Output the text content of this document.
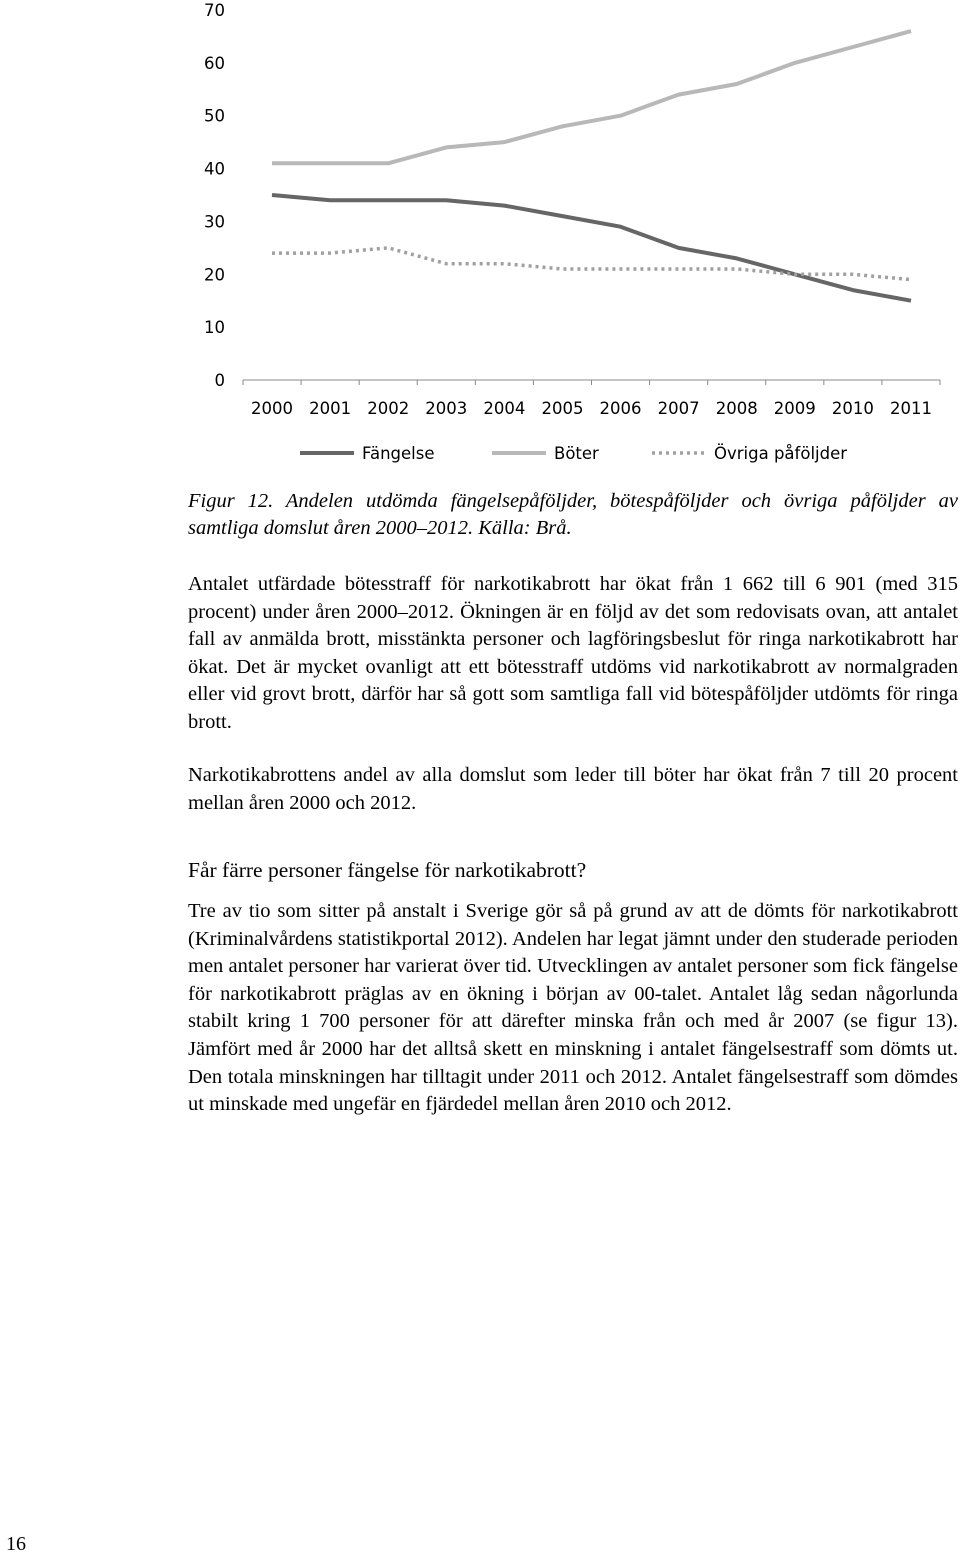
0
10
20
30
40
50
60
70
2000 2001 2002 2003 2004 2005 2006 2007 2008 2009 2010 2011
Fängelse	Böter	Övriga påföljder

Figur 12. Andelen utdömda fängelsepåföljder, bötespåföljder och övriga påföljder av samtliga domslut åren 2000–2012. Källa: Brå.

Antalet utfärdade bötesstraff för narkotikabrott har ökat från 1 662 till 6 901 (med 315 procent) under åren 2000–2012. Ökningen är en följd av det som redovisats ovan, att antalet fall av anmälda brott, misstänkta personer och lagföringsbeslut för ringa narkotikabrott har ökat. Det är mycket ovanligt att ett bötesstraff utdöms vid narkotikabrott av normalgraden eller vid grovt brott, därför har så gott som samtliga fall vid bötespåföljder utdömts för ringa brott.

Narkotikabrottens andel av alla domslut som leder till böter har ökat från 7 till 20 procent mellan åren 2000 och 2012.

Får färre personer fängelse för narkotikabrott?

Tre av tio som sitter på anstalt i Sverige gör så på grund av att de dömts för narkotikabrott (Kriminalvårdens statistikportal 2012). Andelen har legat jämnt under den studerade perioden men antalet personer har varierat över tid. Utvecklingen av antalet personer som fick fängelse för narkotikabrott präglas av en ökning i början av 00-talet. Antalet låg sedan någorlunda stabilt kring 1 700 personer för att därefter minska från och med år 2007 (se figur 13). Jämfört med år 2000 har det alltså skett en minskning i antalet fängelsestraff som dömts ut. Den totala minskningen har tilltagit under 2011 och 2012. Antalet fängelsestraff som dömdes ut minskade med ungefär en fjärdedel mellan åren 2010 och 2012.

16
